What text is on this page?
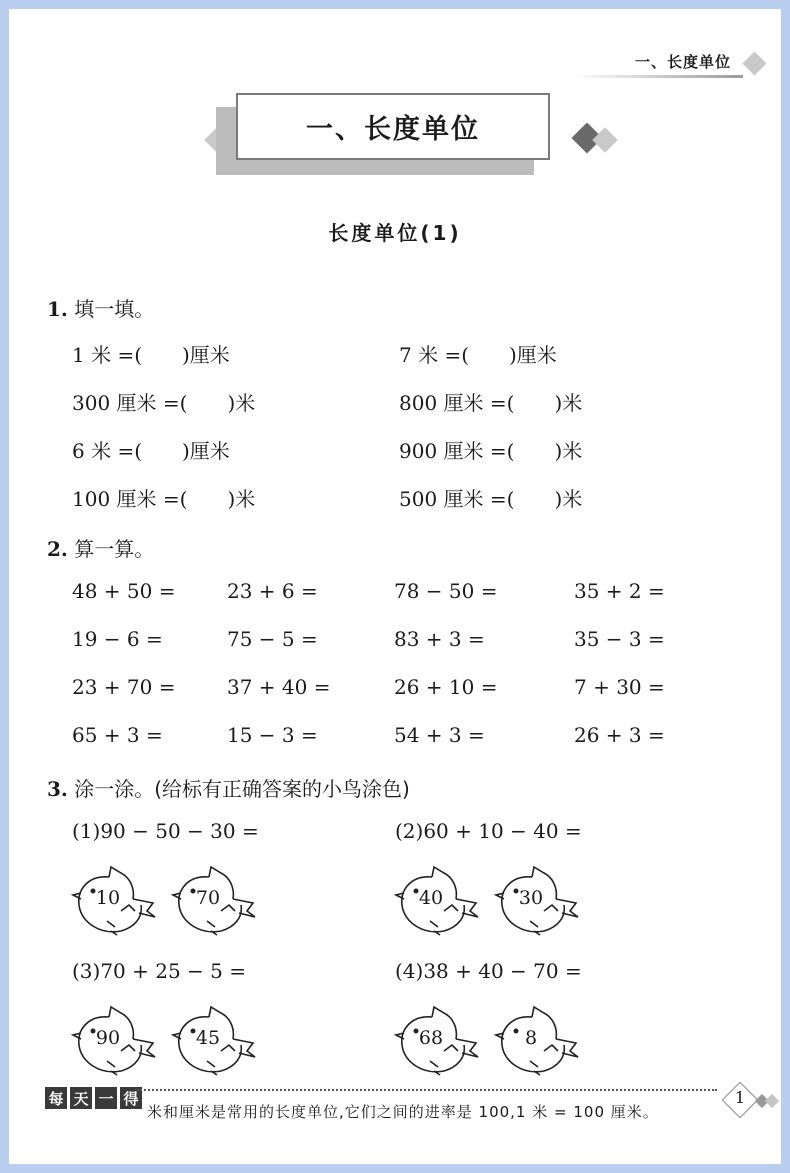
一、长度单位
一、长度单位
长度单位(1)
1. 填一填。
1 米 =(　　)厘米	7 米 =(　　)厘米
300 厘米 =(　　)米	800 厘米 =(　　)米
6 米 =(　　)厘米	900 厘米 =(　　)米
100 厘米 =(　　)米	500 厘米 =(　　)米
2. 算一算。
48 + 50 =	23 + 6 =	78 − 50 =	35 + 2 =
19 − 6 =	75 − 5 =	83 + 3 =	35 − 3 =
23 + 70 =	37 + 40 =	26 + 10 =	7 + 30 =
65 + 3 =	15 − 3 =	54 + 3 =	26 + 3 =
3. 涂一涂。(给标有正确答案的小鸟涂色)
(1)90 − 50 − 30 =	(2)60 + 10 − 40 =
(3)70 + 25 − 5 =	(4)38 + 40 − 70 =
10	70	40	30
90	45	68	8
每 天 一 得
米和厘米是常用的长度单位,它们之间的进率是 100,1 米 = 100 厘米。
1
